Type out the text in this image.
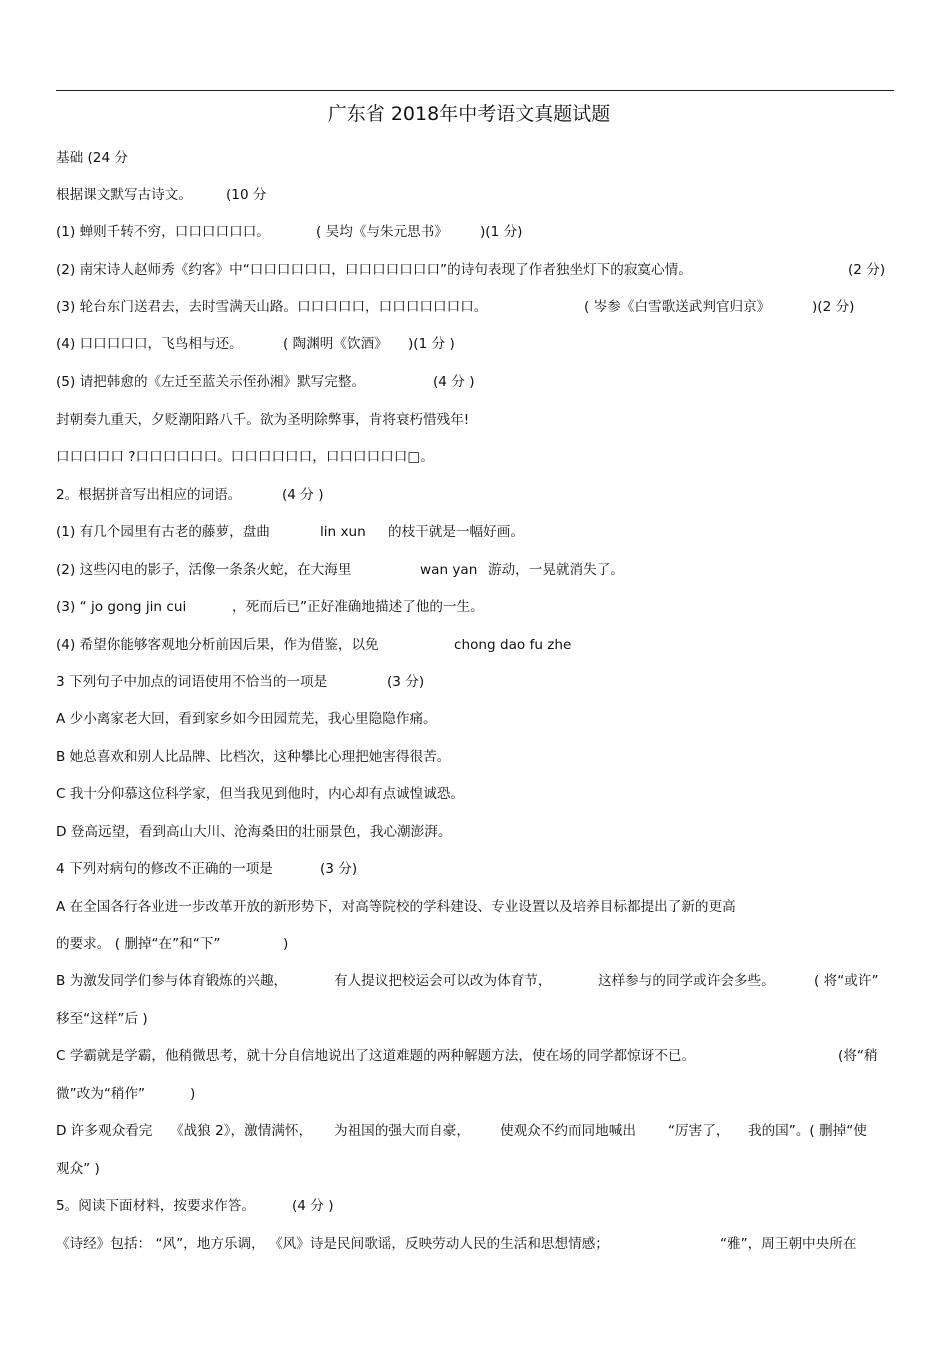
广东省 2018年中考语文真题试题
基础 (24 分
根据课文默写古诗文。	(10 分
(1) 蝉则千转不穷，口口口口口口。	( 吴均《与朱元思书》 )(1 分)
(2) 南宋诗人赵师秀《约客》中“口口口口口口，口口口口口口口”的诗句表现了作者独坐灯下的寂寞心情。	(2 分)
(3) 轮台东门送君去，去时雪满天山路。口口口口口，口口口口口口口。	( 岑参《白雪歌送武判官归京》	)(2 分)
(4) 口口口口口，飞鸟相与还。	( 陶渊明《饮酒》 )(1 分 )
(5) 请把韩愈的《左迁至蓝关示侄孙湘》默写完整。	(4 分 )
封朝奏九重天，夕贬潮阳路八千。欲为圣明除弊事，肯将衰朽惜残年!
口口口口口 ?口口口口口口。口口口口口口，口口口口口口□。
2。根据拼音写出相应的词语。	(4 分 )
(1) 有几个园里有古老的藤萝，盘曲	lin xun 的枝干就是一幅好画。
(2) 这些闪电的影子，活像一条条火蛇，在大海里	wan yan 游动，一晃就消失了。
(3) “ jo gong jin cui	，死而后已”正好准确地描述了他的一生。
(4) 希望你能够客观地分析前因后果，作为借鉴，以免	chong dao fu zhe
3 下列句子中加点的词语使用不恰当的一项是	(3 分)
A 少小离家老大回，看到家乡如今田园荒芜，我心里隐隐作痛。
B 她总喜欢和别人比品牌、比档次，这种攀比心理把她害得很苦。
C 我十分仰慕这位科学家，但当我见到他时，内心却有点诚惶诚恐。
D 登高远望，看到高山大川、沧海桑田的壮丽景色，我心潮澎湃。
4 下列对病句的修改不正确的一项是	(3 分)
A 在全国各行各业进一步改革开放的新形势下，对高等院校的学科建设、专业设置以及培养目标都提出了新的更高
的要求。 ( 删掉“在”和“下”	)
B 为激发同学们参与体育锻炼的兴趣，	有人提议把校运会可以改为体育节，	这样参与的同学或许会多些。	( 将“或许”
移至“这样”后 )
C 学霸就是学霸，他稍微思考，就十分自信地说出了这道难题的两种解题方法，使在场的同学都惊讶不已。	(将“稍
微”改为“稍作”	)
D 许多观众看完 《战狼 2》，激情满怀， 为祖国的强大而自豪， 使观众不约而同地喊出 “厉害了， 我的国”。( 删掉“使
观众” )
5。阅读下面材料，按要求作答。	(4 分 )
《诗经》包括： “风”，地方乐调， 《风》诗是民间歌谣，反映劳动人民的生活和思想情感；	“雅”，周王朝中央所在
